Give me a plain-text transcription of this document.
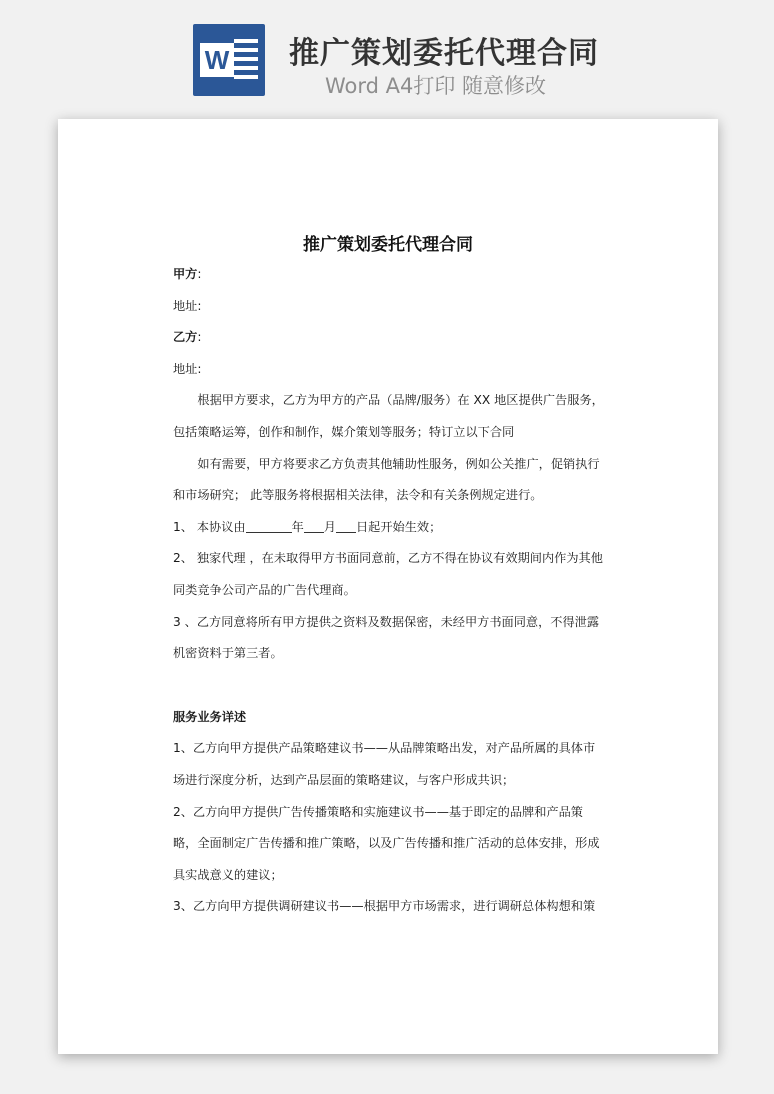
W 推广策划委托代理合同
Word A4打印 随意修改
推广策划委托代理合同

甲方:

地址:

乙方:

地址:

根据甲方要求，乙方为甲方的产品（品牌/服务）在 XX 地区提供广告服务，包括策略运筹，创作和制作，媒介策划等服务；特订立以下合同

如有需要，甲方将要求乙方负责其他辅助性服务，例如公关推广，促销执行和市场研究； 此等服务将根据相关法律，法令和有关条例规定进行。

1、 本协议由	年 月 日起开始生效；

2、 独家代理 ，在未取得甲方书面同意前，乙方不得在协议有效期间内作为其他同类竞争公司产品的广告代理商。

3 、乙方同意将所有甲方提供之资料及数据保密，未经甲方书面同意，不得泄露机密资料于第三者。

服务业务详述

1、乙方向甲方提供产品策略建议书——从品牌策略出发，对产品所属的具体市场进行深度分析，达到产品层面的策略建议，与客户形成共识；

2、乙方向甲方提供广告传播策略和实施建议书——基于即定的品牌和产品策略，全面制定广告传播和推广策略，以及广告传播和推广活动的总体安排，形成具实战意义的建议；

3、乙方向甲方提供调研建议书——根据甲方市场需求，进行调研总体构想和策
